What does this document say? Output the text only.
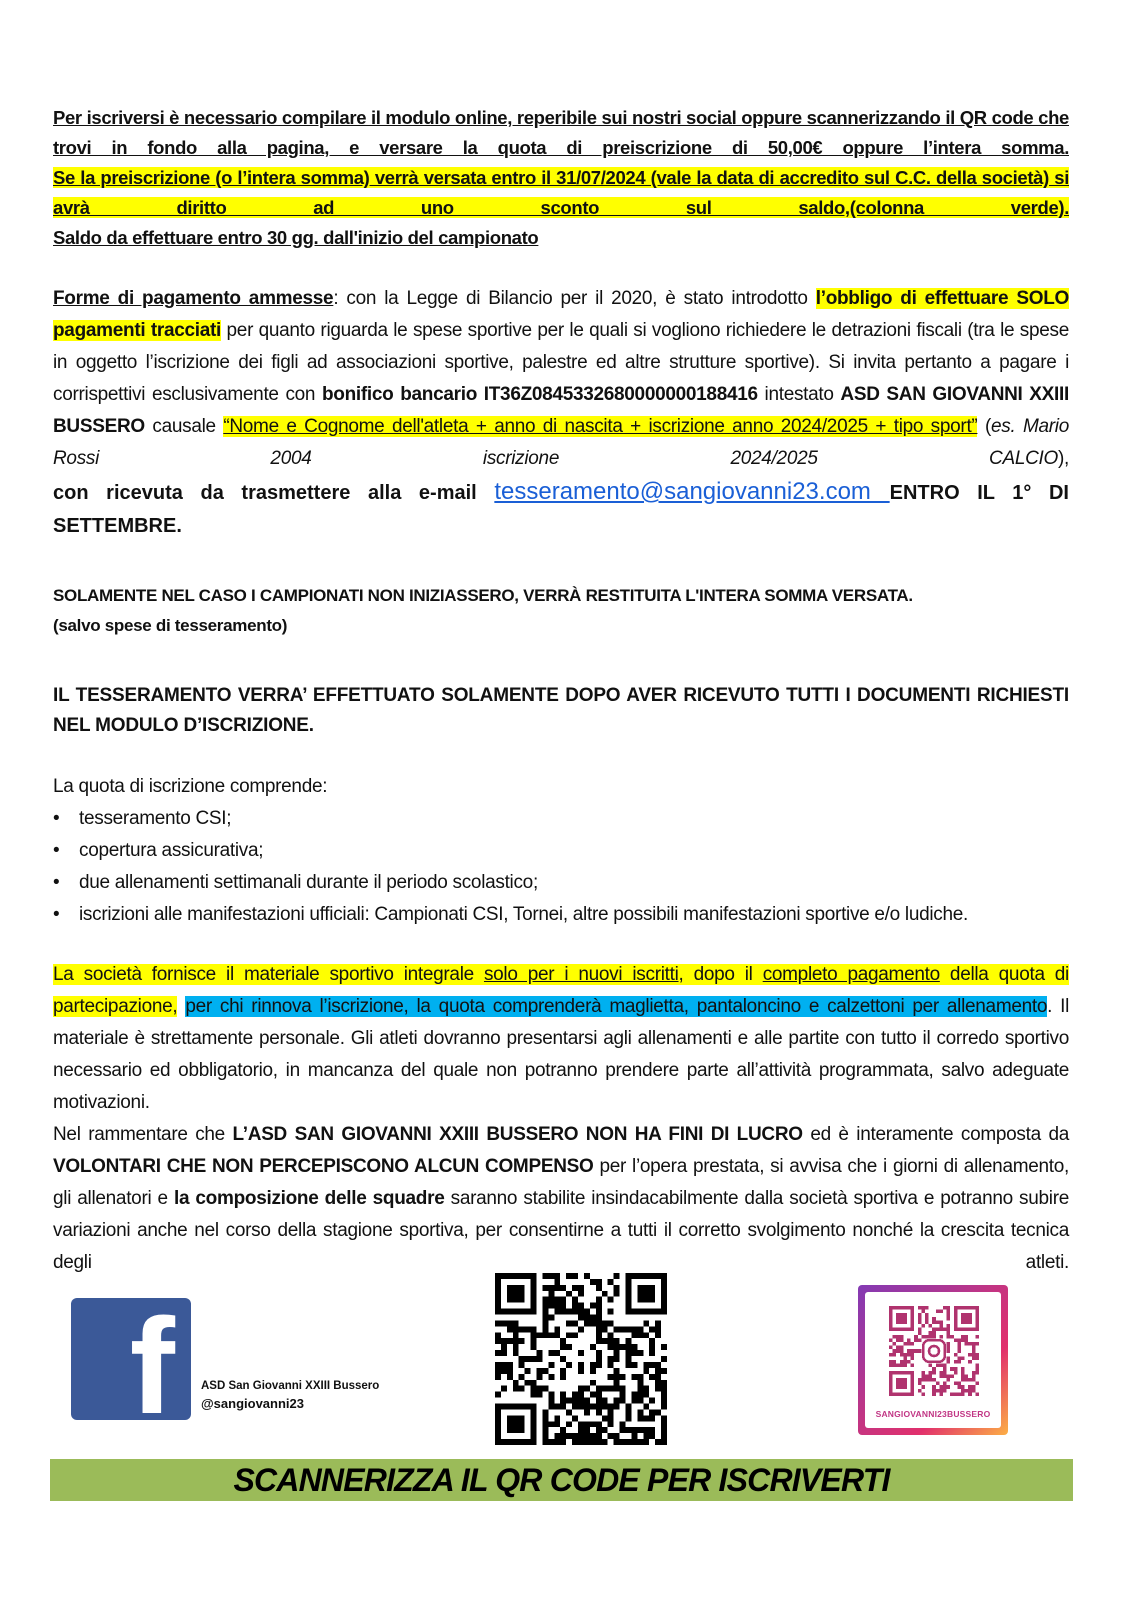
Per iscriversi è necessario compilare il modulo online, reperibile sui nostri social oppure scannerizzando il QR code che trovi in fondo alla pagina, e versare la quota di preiscrizione di 50,00€ oppure l’intera somma.

Se la preiscrizione (o l’intera somma) verrà versata entro il 31/07/2024 (vale la data di accredito sul C.C. della società) si avrà diritto ad uno sconto sul saldo,(colonna verde).

Saldo da effettuare entro 30 gg. dall'inizio del campionato

Forme di pagamento ammesse: con la Legge di Bilancio per il 2020, è stato introdotto l’obbligo di effettuare SOLO pagamenti tracciati per quanto riguarda le spese sportive per le quali si vogliono richiedere le detrazioni fiscali (tra le spese in oggetto l’iscrizione dei figli ad associazioni sportive, palestre ed altre strutture sportive). Si invita pertanto a pagare i corrispettivi esclusivamente con bonifico bancario IT36Z0845332680000000188416 intestato ASD SAN GIOVANNI XXIII BUSSERO causale “Nome e Cognome dell'atleta + anno di nascita + iscrizione anno 2024/2025 + tipo sport” (es. Mario Rossi 2004 iscrizione 2024/2025 CALCIO),

con ricevuta da trasmettere alla e-mail tesseramento@sangiovanni23.com ENTRO IL 1° DI SETTEMBRE.

SOLAMENTE NEL CASO I CAMPIONATI NON INIZIASSERO, VERRÀ RESTITUITA L'INTERA SOMMA VERSATA.

(salvo spese di tesseramento)

IL TESSERAMENTO VERRA’ EFFETTUATO SOLAMENTE DOPO AVER RICEVUTO TUTTI I DOCUMENTI RICHIESTI NEL MODULO D’ISCRIZIONE.

La quota di iscrizione comprende:

• tesseramento CSI;
• copertura assicurativa;
• due allenamenti settimanali durante il periodo scolastico;
• iscrizioni alle manifestazioni ufficiali: Campionati CSI, Tornei, altre possibili manifestazioni sportive e/o ludiche.

La società fornisce il materiale sportivo integrale solo per i nuovi iscritti, dopo il completo pagamento della quota di partecipazione, per chi rinnova l’iscrizione, la quota comprenderà maglietta, pantaloncino e calzettoni per allenamento. Il materiale è strettamente personale. Gli atleti dovranno presentarsi agli allenamenti e alle partite con tutto il corredo sportivo necessario ed obbligatorio, in mancanza del quale non potranno prendere parte all’attività programmata, salvo adeguate motivazioni.

Nel rammentare che L’ASD SAN GIOVANNI XXIII BUSSERO NON HA FINI DI LUCRO ed è interamente composta da VOLONTARI CHE NON PERCEPISCONO ALCUN COMPENSO per l’opera prestata, si avvisa che i giorni di allenamento, gli allenatori e la composizione delle squadre saranno stabilite insindacabilmente dalla società sportiva e potranno subire variazioni anche nel corso della stagione sportiva, per consentirne a tutti il corretto svolgimento nonché la crescita tecnica degli atleti.

f ASD San Giovanni XXIII Bussero
@sangiovanni23
SANGIOVANNI23BUSSERO
SCANNERIZZA IL QR CODE PER ISCRIVERTI
